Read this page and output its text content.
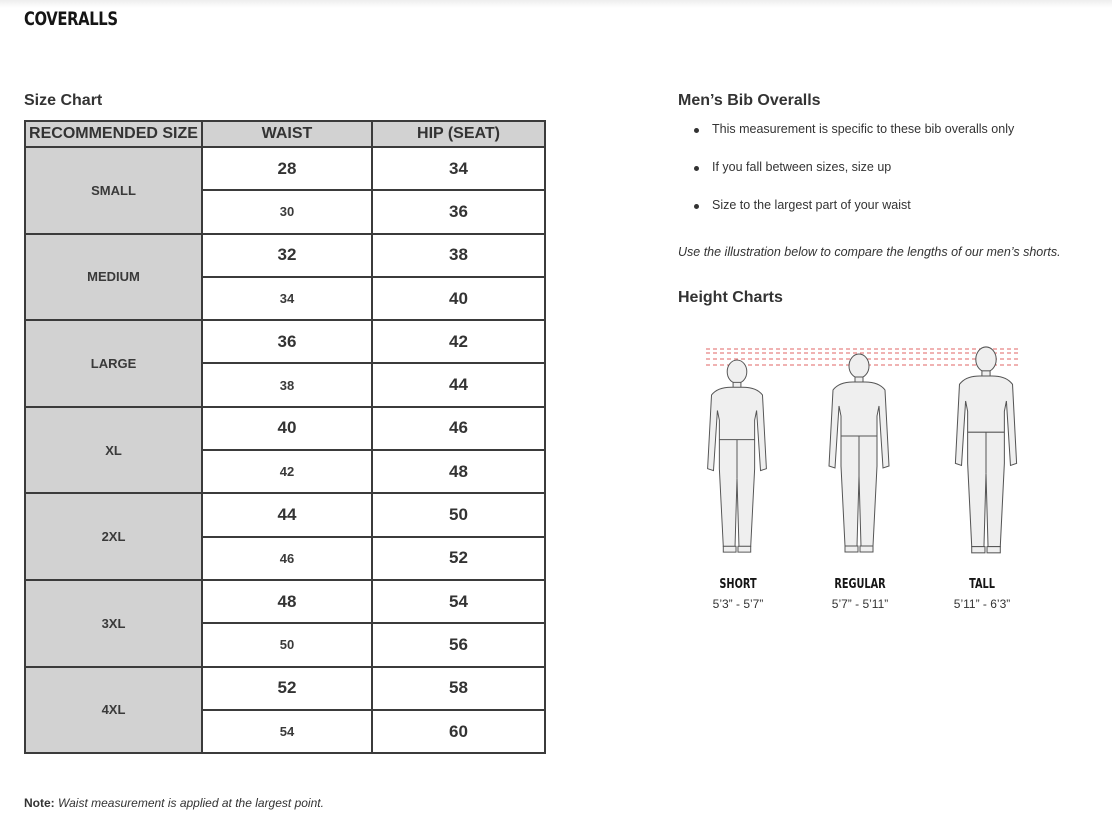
COVERALLS
Size Chart
RECOMMENDED SIZE	WAIST	HIP (SEAT)
SMALL	28	34
	30	36
MEDIUM	32	38
	34	40
LARGE	36	42
	38	44
XL	40	46
	42	48
2XL	44	50
	46	52
3XL	48	54
	50	56
4XL	52	58
	54	60
Note: Waist measurement is applied at the largest point.
Men’s Bib Overalls
This measurement is specific to these bib overalls only
If you fall between sizes, size up
Size to the largest part of your waist
Use the illustration below to compare the lengths of our men’s shorts.
Height Charts
SHORT
5’3” - 5’7”
REGULAR
5’7” - 5’11”
TALL
5’11” - 6’3”
